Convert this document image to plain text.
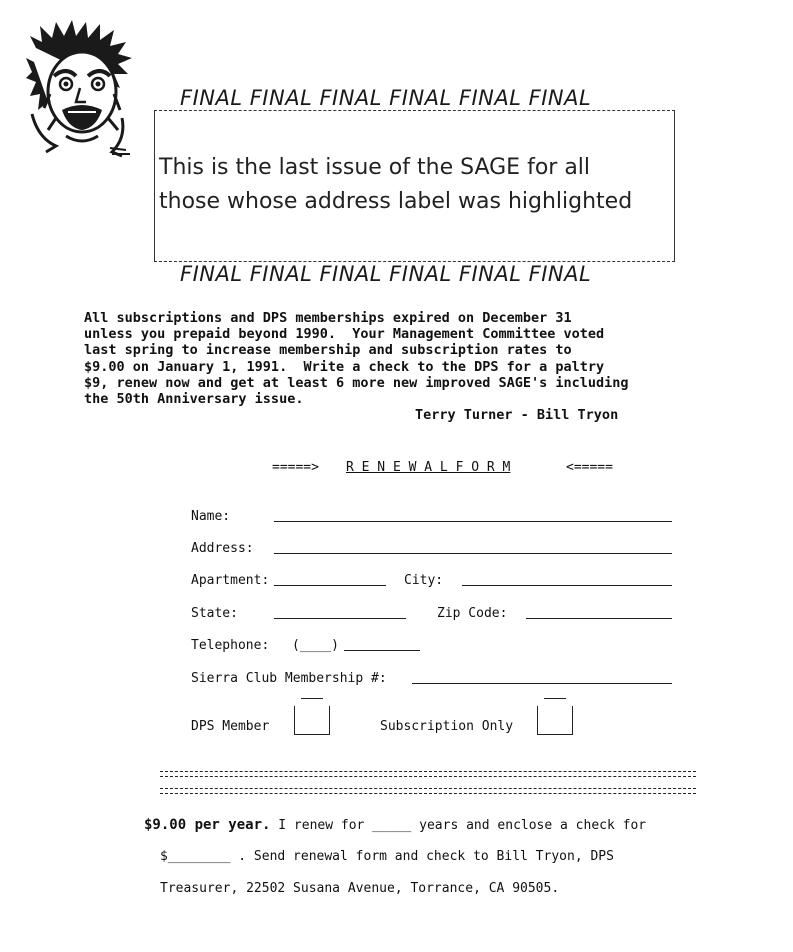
FINAL FINAL FINAL FINAL FINAL FINAL
This is the last issue of the SAGE for all
those whose address label was highlighted
FINAL FINAL FINAL FINAL FINAL FINAL
All subscriptions and DPS memberships expired on December 31
unless you prepaid beyond 1990.  Your Management Committee voted
last spring to increase membership and subscription rates to
$9.00 on January 1, 1991.  Write a check to the DPS for a paltry
$9, renew now and get at least 6 more new improved SAGE's including
the 50th Anniversary issue.
Terry Turner - Bill Tryon
=====> R E N E W A L F O R M	<=====
Name:
Address:
Apartment:	City:
State:	Zip Code:
Telephone: (____)
Sierra Club Membership #:
DPS Member	Subscription Only
$9.00 per year. I renew for _____ years and enclose a check for
$________ . Send renewal form and check to Bill Tryon, DPS
Treasurer, 22502 Susana Avenue, Torrance, CA 90505.
